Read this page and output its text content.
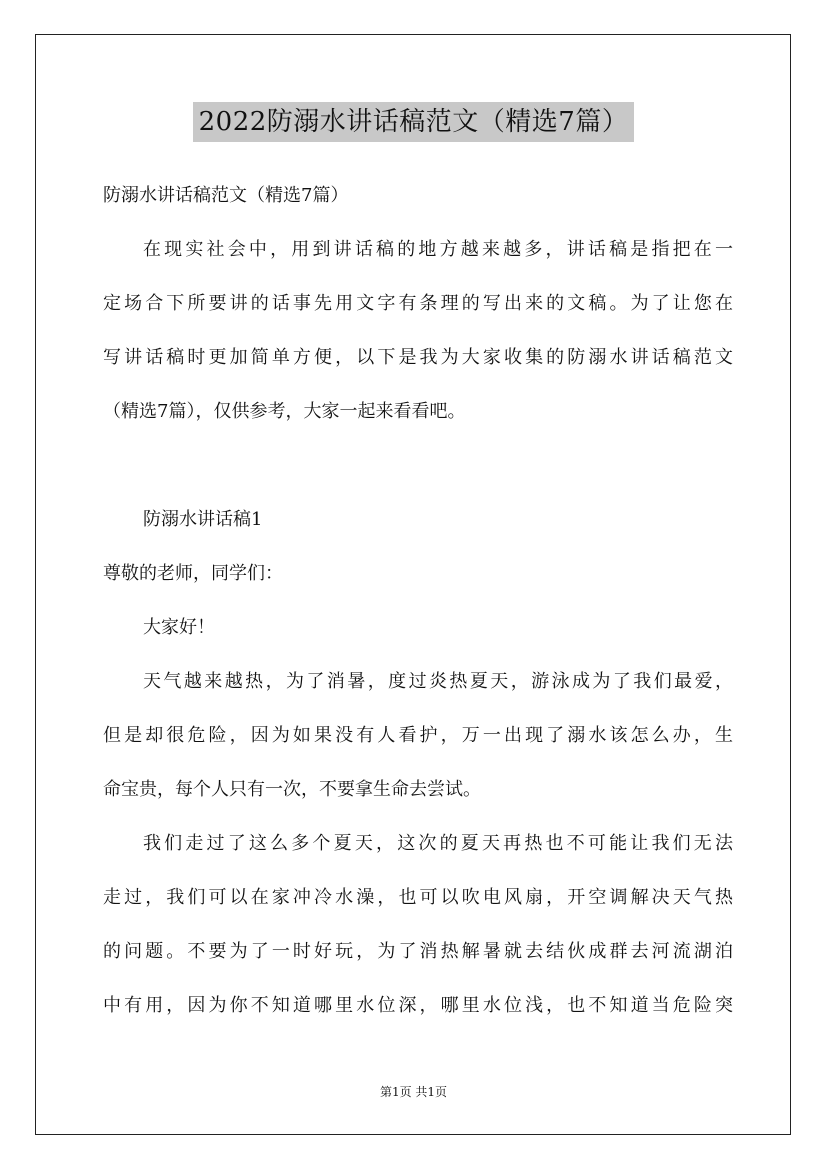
2022防溺水讲话稿范文（精选7篇）
防溺水讲话稿范文（精选7篇）
在现实社会中，用到讲话稿的地方越来越多，讲话稿是指把在一
定场合下所要讲的话事先用文字有条理的写出来的文稿。为了让您在
写讲话稿时更加简单方便，以下是我为大家收集的防溺水讲话稿范文
（精选7篇），仅供参考，大家一起来看看吧。
防溺水讲话稿1
尊敬的老师，同学们：
大家好！
天气越来越热，为了消暑，度过炎热夏天，游泳成为了我们最爱，
但是却很危险，因为如果没有人看护，万一出现了溺水该怎么办，生
命宝贵，每个人只有一次，不要拿生命去尝试。
我们走过了这么多个夏天，这次的夏天再热也不可能让我们无法
走过，我们可以在家冲冷水澡，也可以吹电风扇，开空调解决天气热
的问题。不要为了一时好玩，为了消热解暑就去结伙成群去河流湖泊
中有用，因为你不知道哪里水位深，哪里水位浅，也不知道当危险突
第1页 共1页
